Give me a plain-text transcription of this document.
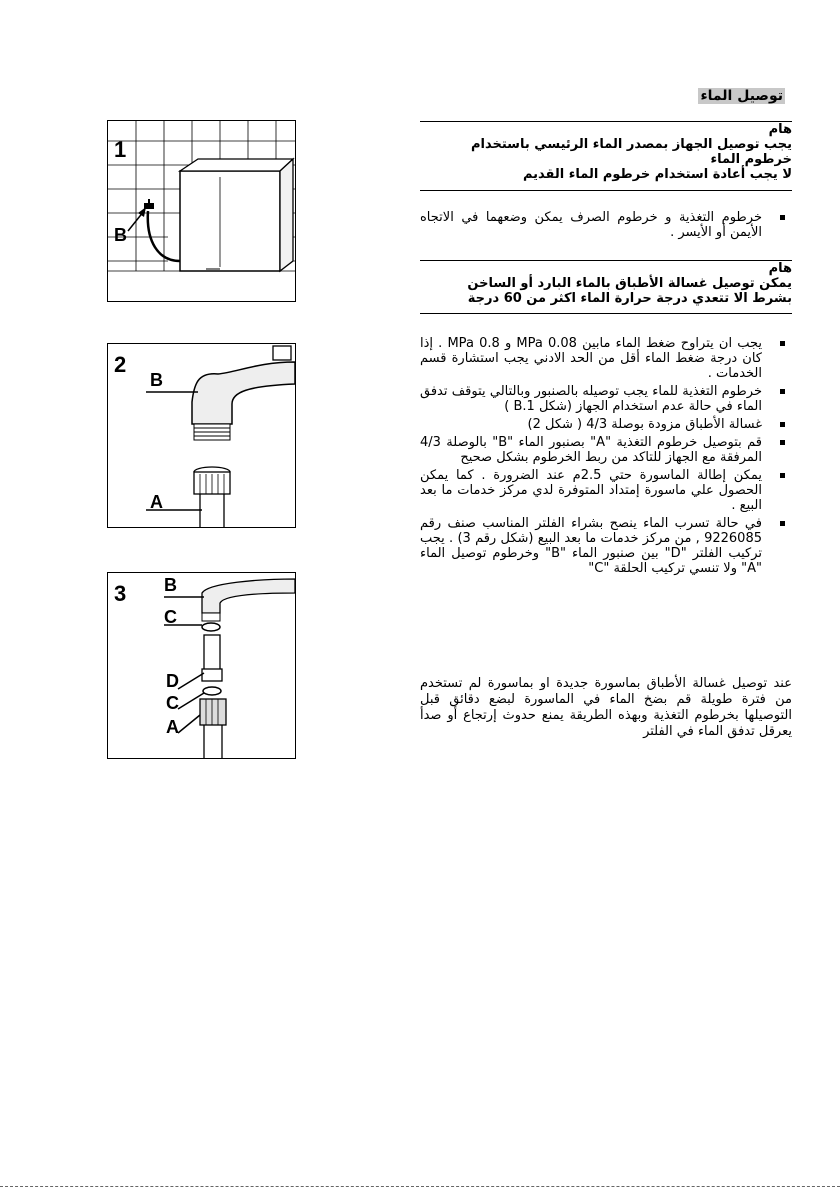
1
B
2
B
A
3 B
C
D
C
A
توصيل الماء

هام

يجب توصيل الجهاز بمصدر الماء الرئيسي باستخدام خرطوم الماء

لا يجب أعادة استخدام خرطوم الماء القديم

خرطوم التغذية و خرطوم الصرف يمكن وضعهما في الاتجاه الأيمن أو الأيسر .

هام

يمكن توصيل غسالة الأطباق بالماء البارد أو الساخن

بشرط الا تتعدي درجة حرارة الماء اكثر من 60 درجة

يجب ان يتراوح ضغط الماء مابين MPa 0.08 و 0.8 MPa . إذا كان درجة ضغط الماء أقل من الحد الادني يجب استشارة قسم الخدمات .
خرطوم التغذية للماء يجب توصيله بالصنبور وبالتالي يتوقف تدفق الماء في حالة عدم استخدام الجهاز (شكل B.1 )
غسالة الأطباق مزودة بوصلة 4/3 ( شكل 2)
قم بتوصيل خرطوم التغذية "A" بصنبور الماء "B" بالوصلة 4/3 المرفقة مع الجهاز للتاكد من ربط الخرطوم بشكل صحيح
يمكن إطالة الماسورة حتي 2.5م عند الضرورة . كما يمكن الحصول علي ماسورة إمتداد المتوفرة لدي مركز خدمات ما بعد البيع .
في حالة تسرب الماء ينصح بشراء الفلتر المناسب صنف رقم 9226085 , من مركز خدمات ما بعد البيع (شكل رقم 3) . يجب تركيب الفلتر "D" بين صنبور الماء "B" وخرطوم توصيل الماء "A" ولا تنسي تركيب الحلقة "C"
عند توصيل غسالة الأطباق بماسورة جديدة او بماسورة لم تستخدم من فترة طويلة قم بضخ الماء في الماسورة لبضع دقائق قبل التوصيلها بخرطوم التغذية وبهذه الطريقة يمنع حدوث إرتجاع أو صدأ يعرقل تدفق الماء في الفلتر
